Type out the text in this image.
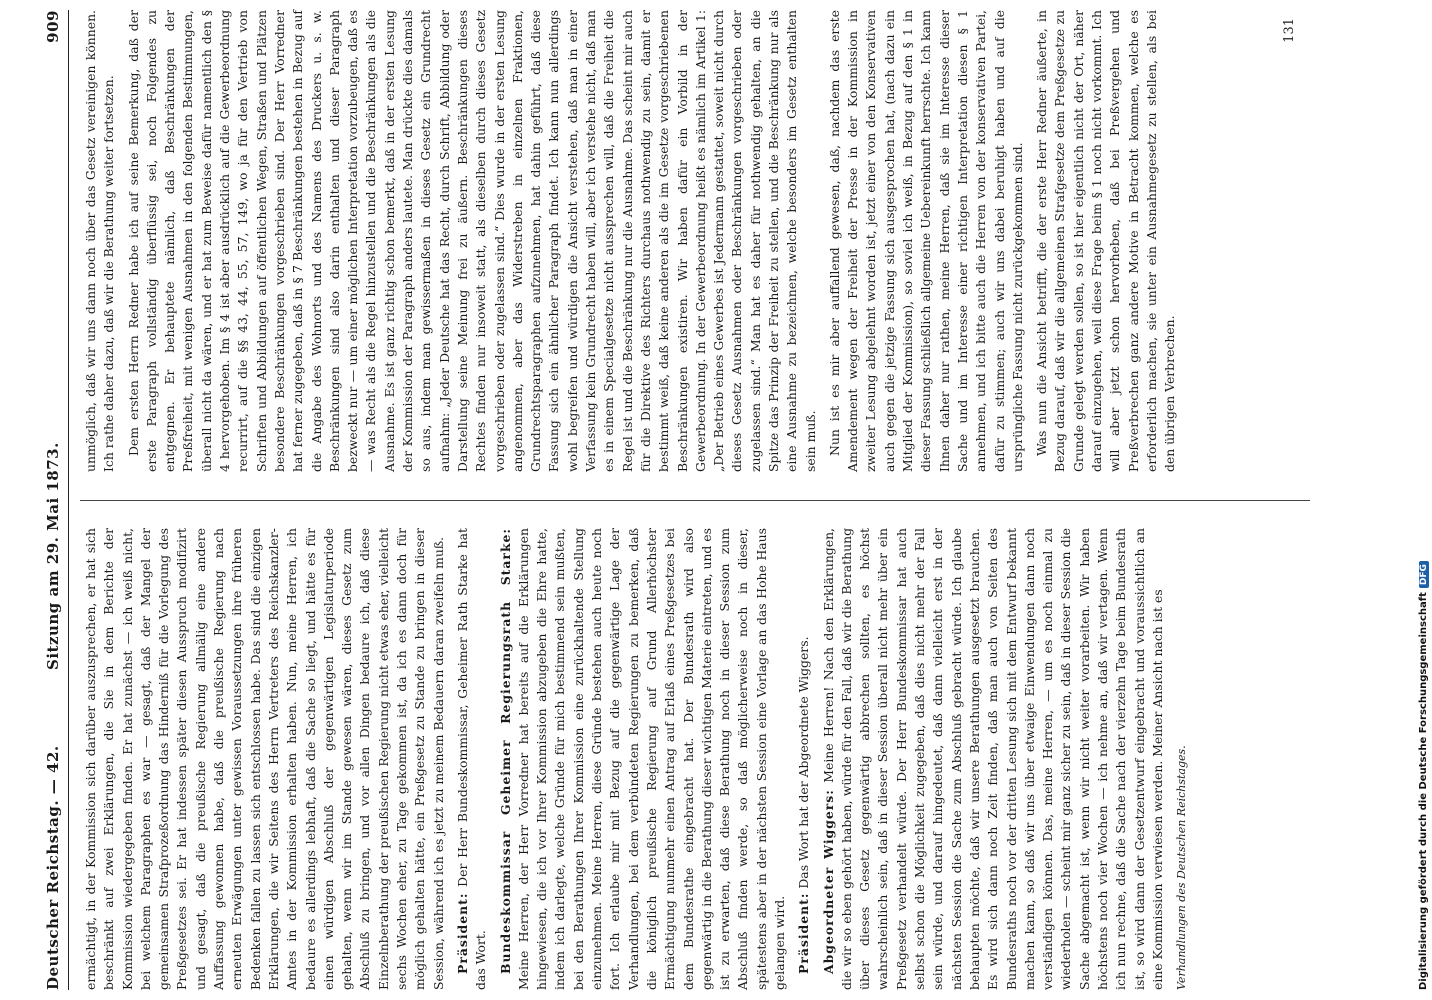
Deutscher Reichstag. — 42.
Sitzung am 29. Mai 1873.
909

ermächtigt, in der Kommission sich darüber auszusprechen, er hat sich beschränkt auf zwei Erklärungen, die Sie in dem Berichte der Kommission wiedergegeben finden. Er hat zunächst — ich weiß nicht, bei welchem Paragraphen es war — gesagt, daß der Mangel der gemeinsamen Strafprozeßordnung das Hinderniß für die Vorlegung des Preßgesetzes sei. Er hat indessen später diesen Ausspruch modifizirt und gesagt, daß die preußische Regierung allmälig eine andere Auffassung gewonnen habe, daß die preußische Regierung nach erneuten Erwägungen unter gewissen Voraussetzungen ihre früheren Bedenken fallen zu lassen sich entschlossen habe. Das sind die einzigen Erklärungen, die wir Seitens des Herrn Vertreters des Reichskanzler-Amtes in der Kommission erhalten haben. Nun, meine Herren, ich bedaure es allerdings lebhaft, daß die Sache so liegt, und hätte es für einen würdigen Abschluß der gegenwärtigen Legislaturperiode gehalten, wenn wir im Stande gewesen wären, dieses Gesetz zum Abschluß zu bringen, und vor allen Dingen bedaure ich, daß diese Einzelnberathung der preußischen Regierung nicht etwas eher, vielleicht sechs Wochen eher, zu Tage gekommen ist, da ich es dann doch für möglich gehalten hätte, ein Preßgesetz zu Stande zu bringen in dieser Session, während ich es jetzt zu meinem Bedauern daran zweifeln muß. Präsident: Der Herr Bundeskommissar, Geheimer Rath Starke hat das Wort. Bundeskommissar Geheimer Regierungsrath Starke: Meine Herren, der Herr Vorredner hat bereits auf die Erklärungen hingewiesen, die ich vor Ihrer Kommission abzugeben die Ehre hatte, indem ich darlegte, welche Gründe für mich bestimmend sein mußten, bei den Berathungen Ihrer Kommission eine zurückhaltende Stellung einzunehmen. Meine Herren, diese Gründe bestehen auch heute noch fort. Ich erlaube mir mit Bezug auf die gegenwärtige Lage der Verhandlungen, bei dem verbündeten Regierungen zu bemerken, daß die königlich preußische Regierung auf Grund Allerhöchster Ermächtigung nunmehr einen Antrag auf Erlaß eines Preßgesetzes bei dem Bundesrathe eingebracht hat. Der Bundesrath wird also gegenwärtig in die Berathung dieser wichtigen Materie eintreten, und es ist zu erwarten, daß diese Berathung noch in dieser Session zum Abschluß finden werde, so daß möglicherweise noch in dieser, spätestens aber in der nächsten Session eine Vorlage an das Hohe Haus gelangen wird. Präsident: Das Wort hat der Abgeordnete Wiggers. Abgeordneter Wiggers: Meine Herren! Nach den Erklärungen, die wir so eben gehört haben, würde für den Fall, daß wir die Berathung über dieses Gesetz gegenwärtig abbrechen sollten, es höchst wahrscheinlich sein, daß in dieser Session überall nicht mehr über ein Preßgesetz verhandelt würde. Der Herr Bundeskommissar hat auch selbst schon die Möglichkeit zugegeben, daß dies nicht mehr der Fall sein würde, und darauf hingedeutet, daß dann vielleicht erst in der nächsten Session die Sache zum Abschluß gebracht würde. Ich glaube behaupten möchte, daß wir unsere Berathungen ausgesetzt brauchen. Es wird sich dann noch Zeit finden, daß man auch von Seiten des Bundesraths noch vor der dritten Lesung sich mit dem Entwurf bekannt machen kann, so daß wir uns über etwaige Einwendungen dann noch verständigen können. Das, meine Herren, — um es noch einmal zu wiederholen — scheint mir ganz sicher zu sein, daß in dieser Session die Sache abgemacht ist, wenn wir nicht weiter vorarbeiten. Wir haben höchstens noch vier Wochen — ich nehme an, daß wir vertagen. Wenn ich nun rechne, daß die Sache nach der vierzehn Tage beim Bundesrath ist, so wird dann der Gesetzentwurf eingebracht und voraussichtlich an eine Kommission verwiesen werden. Meiner Ansicht nach ist es Verhandlungen des Deutschen Reichstages.

unmöglich, daß wir uns dann noch über das Gesetz vereinigen können. Ich rathe daher dazu, daß wir die Berathung weiter fortsetzen. Dem ersten Herrn Redner habe ich auf seine Bemerkung, daß der erste Paragraph vollständig überflüssig sei, noch Folgendes zu entgegnen. Er behauptete nämlich, daß Beschränkungen der Preßfreiheit, mit wenigen Ausnahmen in den folgenden Bestimmungen, überall nicht da wären, und er hat zum Beweise dafür namentlich den § 4 hervorgehoben. Im § 4 ist aber ausdrücklich auf die Gewerbeordnung recurrirt, auf die §§ 43, 44, 55, 57, 149, wo ja für den Vertrieb von Schriften und Abbildungen auf öffentlichen Wegen, Straßen und Plätzen besondere Beschränkungen vorgeschrieben sind. Der Herr Vorredner hat ferner zugegeben, daß in § 7 Beschränkungen bestehen in Bezug auf die Angabe des Wohnorts und des Namens des Druckers u. s. w. Beschränkungen sind also darin enthalten und dieser Paragraph bezweckt nur — um einer möglichen Interpretation vorzubeugen, daß es — was Recht als die Regel hinzustellen und die Beschränkungen als die Ausnahme. Es ist ganz richtig schon bemerkt, daß in der ersten Lesung der Kommission der Paragraph anders lautete. Man drückte dies damals so aus, indem man gewissermaßen in dieses Gesetz ein Grundrecht aufnahm: „Jeder Deutsche hat das Recht, durch Schrift, Abbildung oder Darstellung seine Meinung frei zu äußern. Beschränkungen dieses Rechtes finden nur insoweit statt, als dieselben durch dieses Gesetz vorgeschrieben oder zugelassen sind.“ Dies wurde in der ersten Lesung angenommen, aber das Widerstreben in einzelnen Fraktionen, Grundrechtsparagraphen aufzunehmen, hat dahin geführt, daß diese Fassung sich ein ähnlicher Paragraph findet. Ich kann nun allerdings wohl begreifen und würdigen die Ansicht verstehen, daß man in einer Verfassung kein Grundrecht haben will, aber ich verstehe nicht, daß man es in einem Specialgesetze nicht aussprechen will, daß die Freiheit die Regel ist und die Beschränkung nur die Ausnahme. Das scheint mir auch für die Direktive des Richters durchaus nothwendig zu sein, damit er bestimmt weiß, daß keine anderen als die im Gesetze vorgeschriebenen Beschränkungen existiren. Wir haben dafür ein Vorbild in der Gewerbeordnung. In der Gewerbeordnung heißt es nämlich im Artikel 1: „Der Betrieb eines Gewerbes ist Jedermann gestattet, soweit nicht durch dieses Gesetz Ausnahmen oder Beschränkungen vorgeschrieben oder zugelassen sind.“ Man hat es daher für nothwendig gehalten, an die Spitze das Prinzip der Freiheit zu stellen, und die Beschränkung nur als eine Ausnahme zu bezeichnen, welche besonders im Gesetz enthalten sein muß. Nun ist es mir aber auffallend gewesen, daß, nachdem das erste Amendement wegen der Freiheit der Presse in der Kommission in zweiter Lesung abgelehnt worden ist, jetzt einer von den Konservativen auch gegen die jetzige Fassung sich ausgesprochen hat, (nach dazu ein Mitglied der Kommission), so soviel ich weiß, in Bezug auf den § 1 in dieser Fassung schließlich allgemeine Uebereinkunft herrschte. Ich kann Ihnen daher nur rathen, meine Herren, daß sie im Interesse dieser Sache und im Interesse einer richtigen Interpretation diesen § 1 annehmen, und ich bitte auch die Herren von der konservativen Partei, dafür zu stimmen; auch wir uns dabei beruhigt haben und auf die ursprüngliche Fassung nicht zurückgekommen sind. Was nun die Ansicht betrifft, die der erste Herr Redner äußerte, in Bezug darauf, daß wir die allgemeinen Strafgesetze dem Preßgesetze zu Grunde gelegt werden sollen, so ist hier eigentlich nicht der Ort, näher darauf einzugehen, weil diese Frage beim § 1 noch nicht vorkommt. Ich will aber jetzt schon hervorheben, daß bei Preßvergehen und Preßverbrechen ganz andere Motive in Betracht kommen, welche es erforderlich machen, sie unter ein Ausnahmegesetz zu stellen, als bei den übrigen Verbrechen.

131
Digitalisierung gefördert durch die Deutsche ForschungsgemeinschaftDFG
